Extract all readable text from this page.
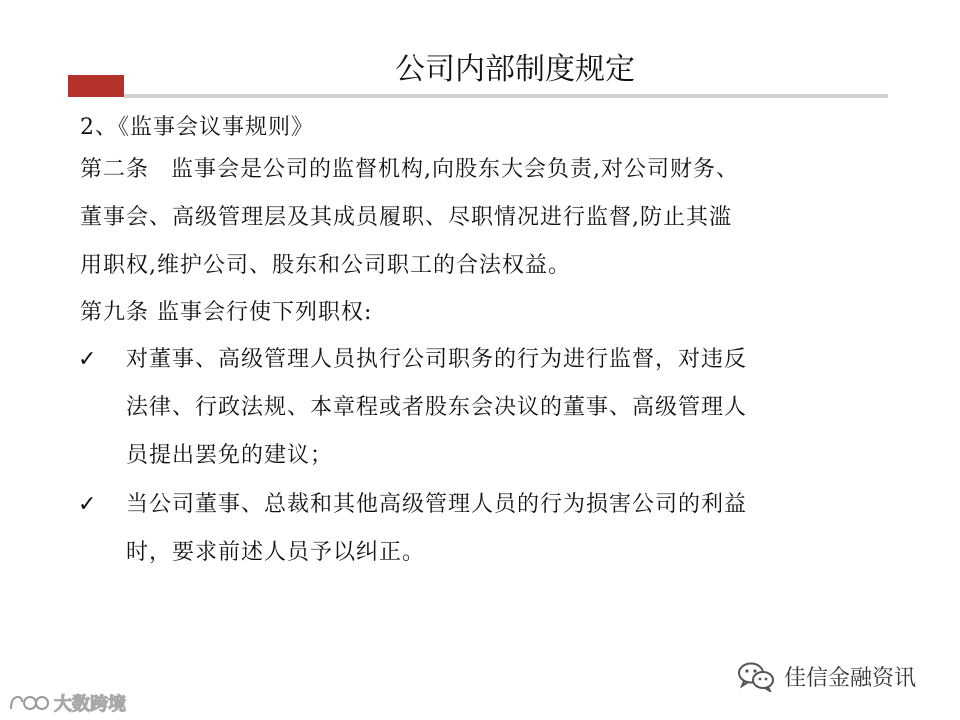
公司内部制度规定
2、《监事会议事规则》
第二条 监事会是公司的监督机构,向股东大会负责,对公司财务、
董事会、高级管理层及其成员履职、尽职情况进行监督,防止其滥
用职权,维护公司、股东和公司职工的合法权益。
第九条 监事会行使下列职权:
✓ 对董事、高级管理人员执行公司职务的行为进行监督，对违反
法律、行政法规、本章程或者股东会决议的董事、高级管理人
员提出罢免的建议；
✓ 当公司董事、总裁和其他高级管理人员的行为损害公司的利益
时，要求前述人员予以纠正。
佳信金融资讯
大数跨境
